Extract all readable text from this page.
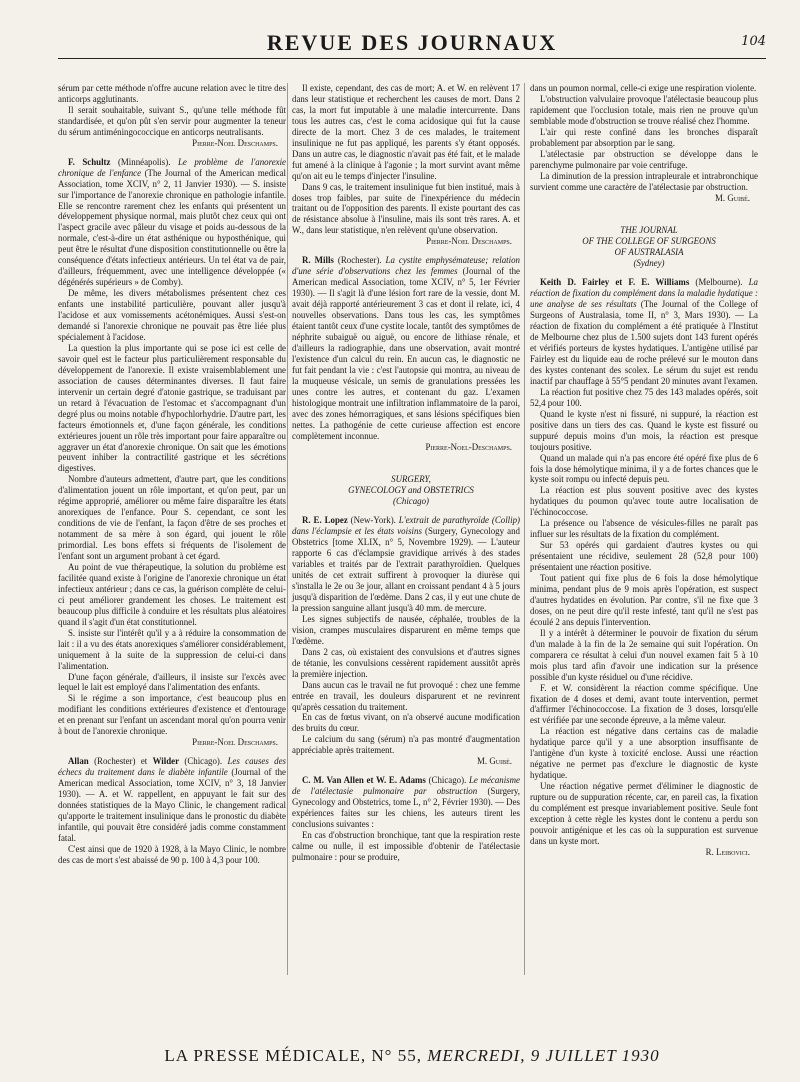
REVUE DES JOURNAUX	104

sérum par cette méthode n'offre aucune relation avec le titre des anticorps agglutinants.

Il serait souhaitable, suivant S., qu'une telle méthode fût standardisée, et qu'on pût s'en servir pour augmenter la teneur du sérum antiméningococcique en anticorps neutralisants.

Pierre-Noel Deschamps.

F. Schultz (Minnéapolis). Le problème de l'anorexie chronique de l'enfance (The Journal of the American medical Association, tome XCIV, n° 2, 11 Janvier 1930). — S. insiste sur l'importance de l'anorexie chronique en pathologie infantile. Elle se rencontre rarement chez les enfants qui présentent un développement physique normal, mais plutôt chez ceux qui ont l'aspect gracile avec pâleur du visage et poids au-dessous de la normale, c'est-à-dire un état asthénique ou hyposthénique, qui peut être le résultat d'une disposition constitutionnelle ou être la conséquence d'états infectieux antérieurs. Un tel état va de pair, d'ailleurs, fréquemment, avec une intelligence développée (« dégénérés supérieurs » de Comby).

De même, les divers métabolismes présentent chez ces enfants une instabilité particulière, pouvant aller jusqu'à l'acidose et aux vomissements acétonémiques. Aussi s'est-on demandé si l'anorexie chronique ne pouvait pas être liée plus spécialement à l'acidose.

La question la plus importante qui se pose ici est celle de savoir quel est le facteur plus particulièrement responsable du développement de l'anorexie. Il existe vraisemblablement une association de causes déterminantes diverses. Il faut faire intervenir un certain degré d'atonie gastrique, se traduisant par un retard à l'évacuation de l'estomac et s'accompagnant d'un degré plus ou moins notable d'hypochlorhydrie. D'autre part, les facteurs émotionnels et, d'une façon générale, les conditions extérieures jouent un rôle très important pour faire apparaître ou aggraver un état d'anorexie chronique. On sait que les émotions peuvent inhiber la contractilité gastrique et les sécrétions digestives.

Nombre d'auteurs admettent, d'autre part, que les conditions d'alimentation jouent un rôle important, et qu'on peut, par un régime approprié, améliorer ou même faire disparaître les états anorexiques de l'enfance. Pour S. cependant, ce sont les conditions de vie de l'enfant, la façon d'être de ses proches et notamment de sa mère à son égard, qui jouent le rôle primordial. Les bons effets si fréquents de l'isolement de l'enfant sont un argument probant à cet égard.

Au point de vue thérapeutique, la solution du problème est facilitée quand existe à l'origine de l'anorexie chronique un état infectieux antérieur ; dans ce cas, la guérison complète de celui-ci peut améliorer grandement les choses. Le traitement est beaucoup plus difficile à conduire et les résultats plus aléatoires quand il s'agit d'un état constitutionnel.

S. insiste sur l'intérêt qu'il y a à réduire la consommation de lait : il a vu des états anorexiques s'améliorer considérablement, uniquement à la suite de la suppression de celui-ci dans l'alimentation.

D'une façon générale, d'ailleurs, il insiste sur l'excès avec lequel le lait est employé dans l'alimentation des enfants.

Si le régime a son importance, c'est beaucoup plus en modifiant les conditions extérieures d'existence et d'entourage et en prenant sur l'enfant un ascendant moral qu'on pourra venir à bout de l'anorexie chronique.

Pierre-Noel Deschamps.

Allan (Rochester) et Wilder (Chicago). Les causes des échecs du traitement dans le diabète infantile (Journal of the American medical Association, tome XCIV, n° 3, 18 Janvier 1930). — A. et W. rappellent, en appuyant le fait sur des données statistiques de la Mayo Clinic, le changement radical qu'apporte le traitement insulinique dans le pronostic du diabète infantile, qui pouvait être considéré jadis comme constamment fatal.

C'est ainsi que de 1920 à 1928, à la Mayo Clinic, le nombre des cas de mort s'est abaissé de 90 p. 100 à 4,3 pour 100.

Il existe, cependant, des cas de mort; A. et W. en relèvent 17 dans leur statistique et recherchent les causes de mort. Dans 2 cas, la mort fut imputable à une maladie intercurrente. Dans tous les autres cas, c'est le coma acidosique qui fut la cause directe de la mort. Chez 3 de ces malades, le traitement insulinique ne fut pas appliqué, les parents s'y étant opposés. Dans un autre cas, le diagnostic n'avait pas été fait, et le malade fut amené à la clinique à l'agonie ; la mort survint avant même qu'on ait eu le temps d'injecter l'insuline.

Dans 9 cas, le traitement insulinique fut bien institué, mais à doses trop faibles, par suite de l'inexpérience du médecin traitant ou de l'opposition des parents. Il existe pourtant des cas de résistance absolue à l'insuline, mais ils sont très rares. A. et W., dans leur statistique, n'en relèvent qu'une observation.

Pierre-Noel Deschamps.

R. Mills (Rochester). La cystite emphysémateuse; relation d'une série d'observations chez les femmes (Journal of the American medical Association, tome XCIV, n° 5, 1er Février 1930). — Il s'agit là d'une lésion fort rare de la vessie, dont M. avait déjà rapporté antérieurement 3 cas et dont il relate, ici, 4 nouvelles observations. Dans tous les cas, les symptômes étaient tantôt ceux d'une cystite locale, tantôt des symptômes de néphrite subaiguë ou aiguë, ou encore de lithiase rénale, et d'ailleurs la radiographie, dans une observation, avait montré l'existence d'un calcul du rein. En aucun cas, le diagnostic ne fut fait pendant la vie : c'est l'autopsie qui montra, au niveau de la muqueuse vésicale, un semis de granulations pressées les unes contre les autres, et contenant du gaz. L'examen histologique montrait une infiltration inflammatoire de la paroi, avec des zones hémorragiques, et sans lésions spécifiques bien nettes. La pathogénie de cette curieuse affection est encore complètement inconnue.

Pierre-Noel-Deschamps.

SURGERY,

GYNECOLOGY and OBSTETRICS

(Chicago)

R. E. Lopez (New-York). L'extrait de parathyroïde (Collip) dans l'éclampsie et les états voisins (Surgery, Gynecology and Obstetrics [tome XLIX, n° 5, Novembre 1929). — L'auteur rapporte 6 cas d'éclampsie gravidique arrivés à des stades variables et traités par de l'extrait parathyroïdien. Quelques unités de cet extrait suffirent à provoquer la diurèse qui s'installa le 2e ou 3e jour, allant en croissant pendant 4 à 5 jours jusqu'à disparition de l'œdème. Dans 2 cas, il y eut une chute de la pression sanguine allant jusqu'à 40 mm. de mercure.

Les signes subjectifs de nausée, céphalée, troubles de la vision, crampes musculaires disparurent en même temps que l'œdème.

Dans 2 cas, où existaient des convulsions et d'autres signes de tétanie, les convulsions cessèrent rapidement aussitôt après la première injection.

Dans aucun cas le travail ne fut provoqué : chez une femme entrée en travail, les douleurs disparurent et ne revinrent qu'après cessation du traitement.

En cas de fœtus vivant, on n'a observé aucune modification des bruits du cœur.

Le calcium du sang (sérum) n'a pas montré d'augmentation appréciable après traitement.

M. Guibé.

C. M. Van Allen et W. E. Adams (Chicago). Le mécanisme de l'atélectasie pulmonaire par obstruction (Surgery, Gynecology and Obstetrics, tome L, n° 2, Février 1930). — Des expériences faites sur les chiens, les auteurs tirent les conclusions suivantes :

En cas d'obstruction bronchique, tant que la respiration reste calme ou nulle, il est impossible d'obtenir de l'atélectasie pulmonaire : pour se produire,

dans un poumon normal, celle-ci exige une respiration violente.

L'obstruction valvulaire provoque l'atélectasie beaucoup plus rapidement que l'occlusion totale, mais rien ne prouve qu'un semblable mode d'obstruction se trouve réalisé chez l'homme.

L'air qui reste confiné dans les bronches disparaît probablement par absorption par le sang.

L'atélectasie par obstruction se développe dans le parenchyme pulmonaire par voie centrifuge.

La diminution de la pression intrapleurale et intrabronchique survient comme une caractère de l'atélectasie par obstruction.

M. Guibé.

THE JOURNAL

OF THE COLLEGE OF SURGEONS

OF AUSTRALASIA

(Sydney)

Keith D. Fairley et F. E. Williams (Melbourne). La réaction de fixation du complément dans la maladie hydatique : une analyse de ses résultats (The Journal of the College of Surgeons of Australasia, tome II, n° 3, Mars 1930). — La réaction de fixation du complément a été pratiquée à l'Institut de Melbourne chez plus de 1.500 sujets dont 143 furent opérés et vérifiés porteurs de kystes hydatiques. L'antigène utilisé par Fairley est du liquide eau de roche prélevé sur le mouton dans des kystes contenant des scolex. Le sérum du sujet est rendu inactif par chauffage à 55°5 pendant 20 minutes avant l'examen.

La réaction fut positive chez 75 des 143 malades opérés, soit 52,4 pour 100.

Quand le kyste n'est ni fissuré, ni suppuré, la réaction est positive dans un tiers des cas. Quand le kyste est fissuré ou suppuré depuis moins d'un mois, la réaction est presque toujours positive.

Quand un malade qui n'a pas encore été opéré fixe plus de 6 fois la dose hémolytique minima, il y a de fortes chances que le kyste soit rompu ou infecté depuis peu.

La réaction est plus souvent positive avec des kystes hydatiques du poumon qu'avec toute autre localisation de l'échinococcose.

La présence ou l'absence de vésicules-filles ne paraît pas influer sur les résultats de la fixation du complément.

Sur 53 opérés qui gardaient d'autres kystes ou qui présentaient une récidive, seulement 28 (52,8 pour 100) présentaient une réaction positive.

Tout patient qui fixe plus de 6 fois la dose hémolytique minima, pendant plus de 9 mois après l'opération, est suspect d'autres hydatides en évolution. Par contre, s'il ne fixe que 3 doses, on ne peut dire qu'il reste infesté, tant qu'il ne s'est pas écoulé 2 ans depuis l'intervention.

Il y a intérêt à déterminer le pouvoir de fixation du sérum d'un malade à la fin de la 2e semaine qui suit l'opération. On comparera ce résultat à celui d'un nouvel examen fait 5 à 10 mois plus tard afin d'avoir une indication sur la présence possible d'un kyste résiduel ou d'une récidive.

F. et W. considèrent la réaction comme spécifique. Une fixation de 4 doses et demi, avant toute intervention, permet d'affirmer l'échinococcose. La fixation de 3 doses, lorsqu'elle est vérifiée par une seconde épreuve, a la même valeur.

La réaction est négative dans certains cas de maladie hydatique parce qu'il y a une absorption insuffisante de l'antigène d'un kyste à toxicité enclose. Aussi une réaction négative ne permet pas d'exclure le diagnostic de kyste hydatique.

Une réaction négative permet d'éliminer le diagnostic de rupture ou de suppuration récente, car, en pareil cas, la fixation du complément est presque invariablement positive. Seule font exception à cette règle les kystes dont le contenu a perdu son pouvoir antigénique et les cas où la suppuration est survenue dans un kyste mort.

R. Leibovici.

LA PRESSE MÉDICALE, N° 55, MERCREDI, 9 JUILLET 1930
